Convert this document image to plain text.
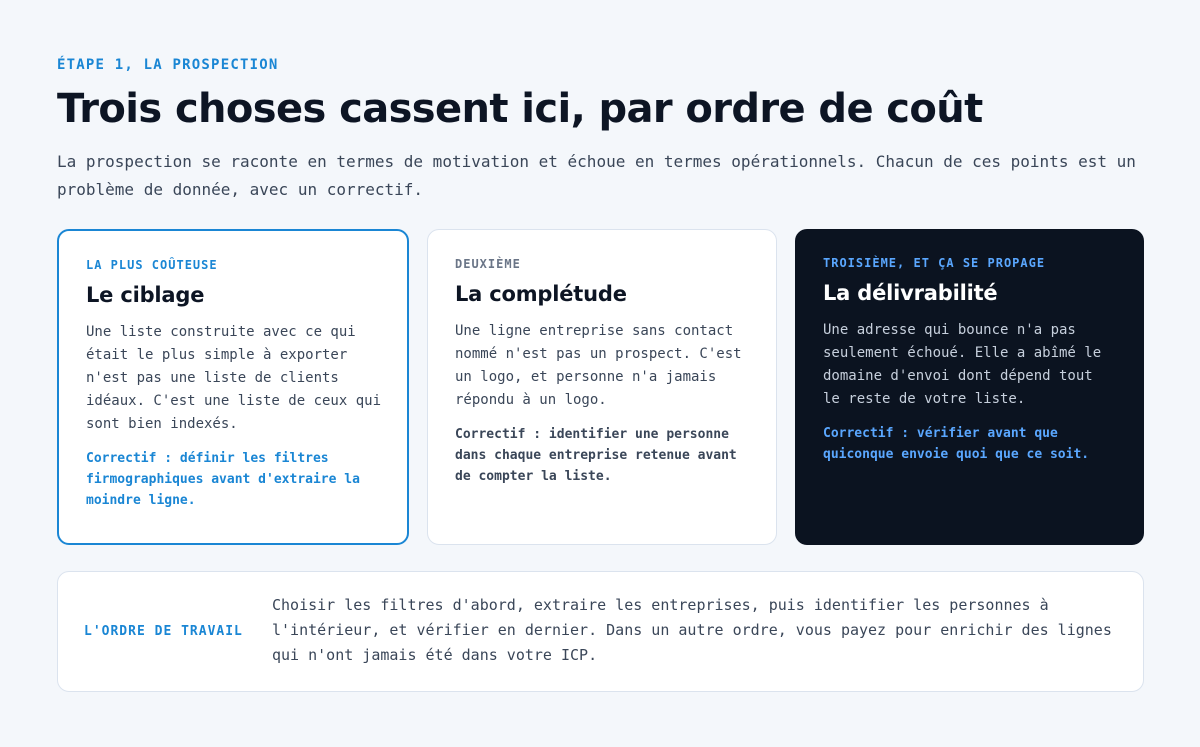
ÉTAPE 1, LA PROSPECTION
Trois choses cassent ici, par ordre de coût

La prospection se raconte en termes de motivation et échoue en termes opérationnels. Chacun de ces points est un problème de donnée, avec un correctif.

LA PLUS COÛTEUSE
Le ciblage

Une liste construite avec ce qui était le plus simple à exporter n'est pas une liste de clients idéaux. C'est une liste de ceux qui sont bien indexés.

Correctif : définir les filtres firmographiques avant d'extraire la moindre ligne.

DEUXIÈME
La complétude

Une ligne entreprise sans contact nommé n'est pas un prospect. C'est un logo, et personne n'a jamais répondu à un logo.

Correctif : identifier une personne dans chaque entreprise retenue avant de compter la liste.

TROISIÈME, ET ÇA SE PROPAGE
La délivrabilité

Une adresse qui bounce n'a pas seulement échoué. Elle a abîmé le domaine d'envoi dont dépend tout le reste de votre liste.

Correctif : vérifier avant que quiconque envoie quoi que ce soit.

L'ORDRE DE TRAVAIL

Choisir les filtres d'abord, extraire les entreprises, puis identifier les personnes à l'intérieur, et vérifier en dernier. Dans un autre ordre, vous payez pour enrichir des lignes qui n'ont jamais été dans votre ICP.
